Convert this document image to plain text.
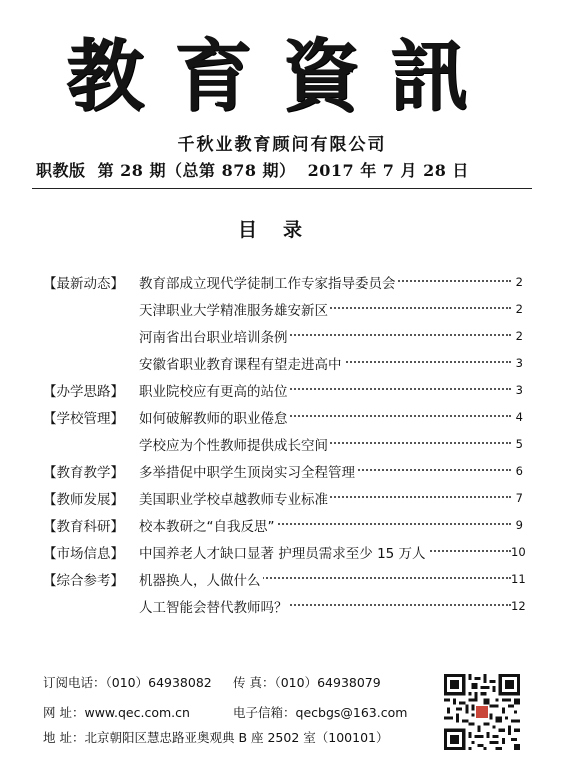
教育資訊
千秋业教育顾问有限公司
职教版 第 28 期（总第 878 期） 2017 年 7 月 28 日
目录
【最新动态】	教育部成立现代学徒制工作专家指导委员会	2
天津职业大学精准服务雄安新区	2
河南省出台职业培训条例	2
安徽省职业教育课程有望走进高中	3
【办学思路】	职业院校应有更高的站位	3
【学校管理】	如何破解教师的职业倦怠	4
学校应为个性教师提供成长空间	5
【教育教学】	多举措促中职学生顶岗实习全程管理	6
【教师发展】	美国职业学校卓越教师专业标准	7
【教育科研】	校本教研之“自我反思”	9
【市场信息】	中国养老人才缺口显著 护理员需求至少 15 万人	10
【综合参考】	机器换人，人做什么	11
人工智能会替代教师吗？	12
订阅电话：（010）64938082 传 真：（010）64938079
网 址：www.qec.com.cn	电子信箱：qecbgs@163.com
地 址：北京朝阳区慧忠路亚奥观典 B 座 2502 室（100101）
